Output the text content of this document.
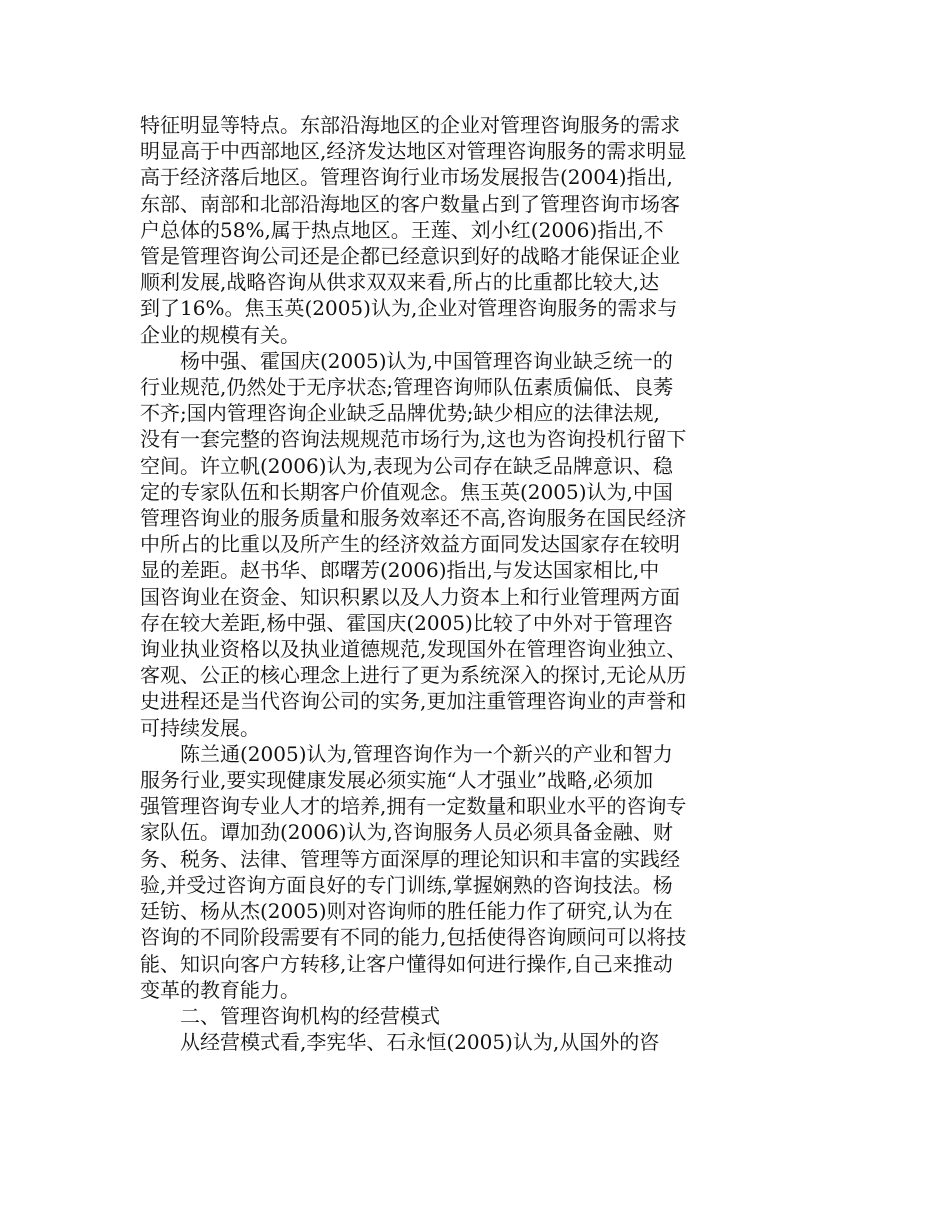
特征明显等特点。东部沿海地区的企业对管理咨询服务的需求
明显高于中西部地区,经济发达地区对管理咨询服务的需求明显
高于经济落后地区。管理咨询行业市场发展报告(2004)指出,
东部、南部和北部沿海地区的客户数量占到了管理咨询市场客
户总体的58%,属于热点地区。王莲、刘小红(2006)指出,不
管是管理咨询公司还是企都已经意识到好的战略才能保证企业
顺利发展,战略咨询从供求双双来看,所占的比重都比较大,达
到了16%。焦玉英(2005)认为,企业对管理咨询服务的需求与
企业的规模有关。

杨中强、霍国庆(2005)认为,中国管理咨询业缺乏统一的
行业规范,仍然处于无序状态;管理咨询师队伍素质偏低、良莠
不齐;国内管理咨询企业缺乏品牌优势;缺少相应的法律法规,
没有一套完整的咨询法规规范市场行为,这也为咨询投机行留下
空间。许立帆(2006)认为,表现为公司存在缺乏品牌意识、稳
定的专家队伍和长期客户价值观念。焦玉英(2005)认为,中国
管理咨询业的服务质量和服务效率还不高,咨询服务在国民经济
中所占的比重以及所产生的经济效益方面同发达国家存在较明
显的差距。赵书华、郎曙芳(2006)指出,与发达国家相比,中
国咨询业在资金、知识积累以及人力资本上和行业管理两方面
存在较大差距,杨中强、霍国庆(2005)比较了中外对于管理咨
询业执业资格以及执业道德规范,发现国外在管理咨询业独立、
客观、公正的核心理念上进行了更为系统深入的探讨,无论从历
史进程还是当代咨询公司的实务,更加注重管理咨询业的声誉和
可持续发展。

陈兰通(2005)认为,管理咨询作为一个新兴的产业和智力
服务行业,要实现健康发展必须实施“人才强业”战略,必须加
强管理咨询专业人才的培养,拥有一定数量和职业水平的咨询专
家队伍。谭加劲(2006)认为,咨询服务人员必须具备金融、财
务、税务、法律、管理等方面深厚的理论知识和丰富的实践经
验,并受过咨询方面良好的专门训练,掌握娴熟的咨询技法。杨
廷钫、杨从杰(2005)则对咨询师的胜任能力作了研究,认为在
咨询的不同阶段需要有不同的能力,包括使得咨询顾问可以将技
能、知识向客户方转移,让客户懂得如何进行操作,自己来推动
变革的教育能力。

二、管理咨询机构的经营模式

从经营模式看,李宪华、石永恒(2005)认为,从国外的咨
